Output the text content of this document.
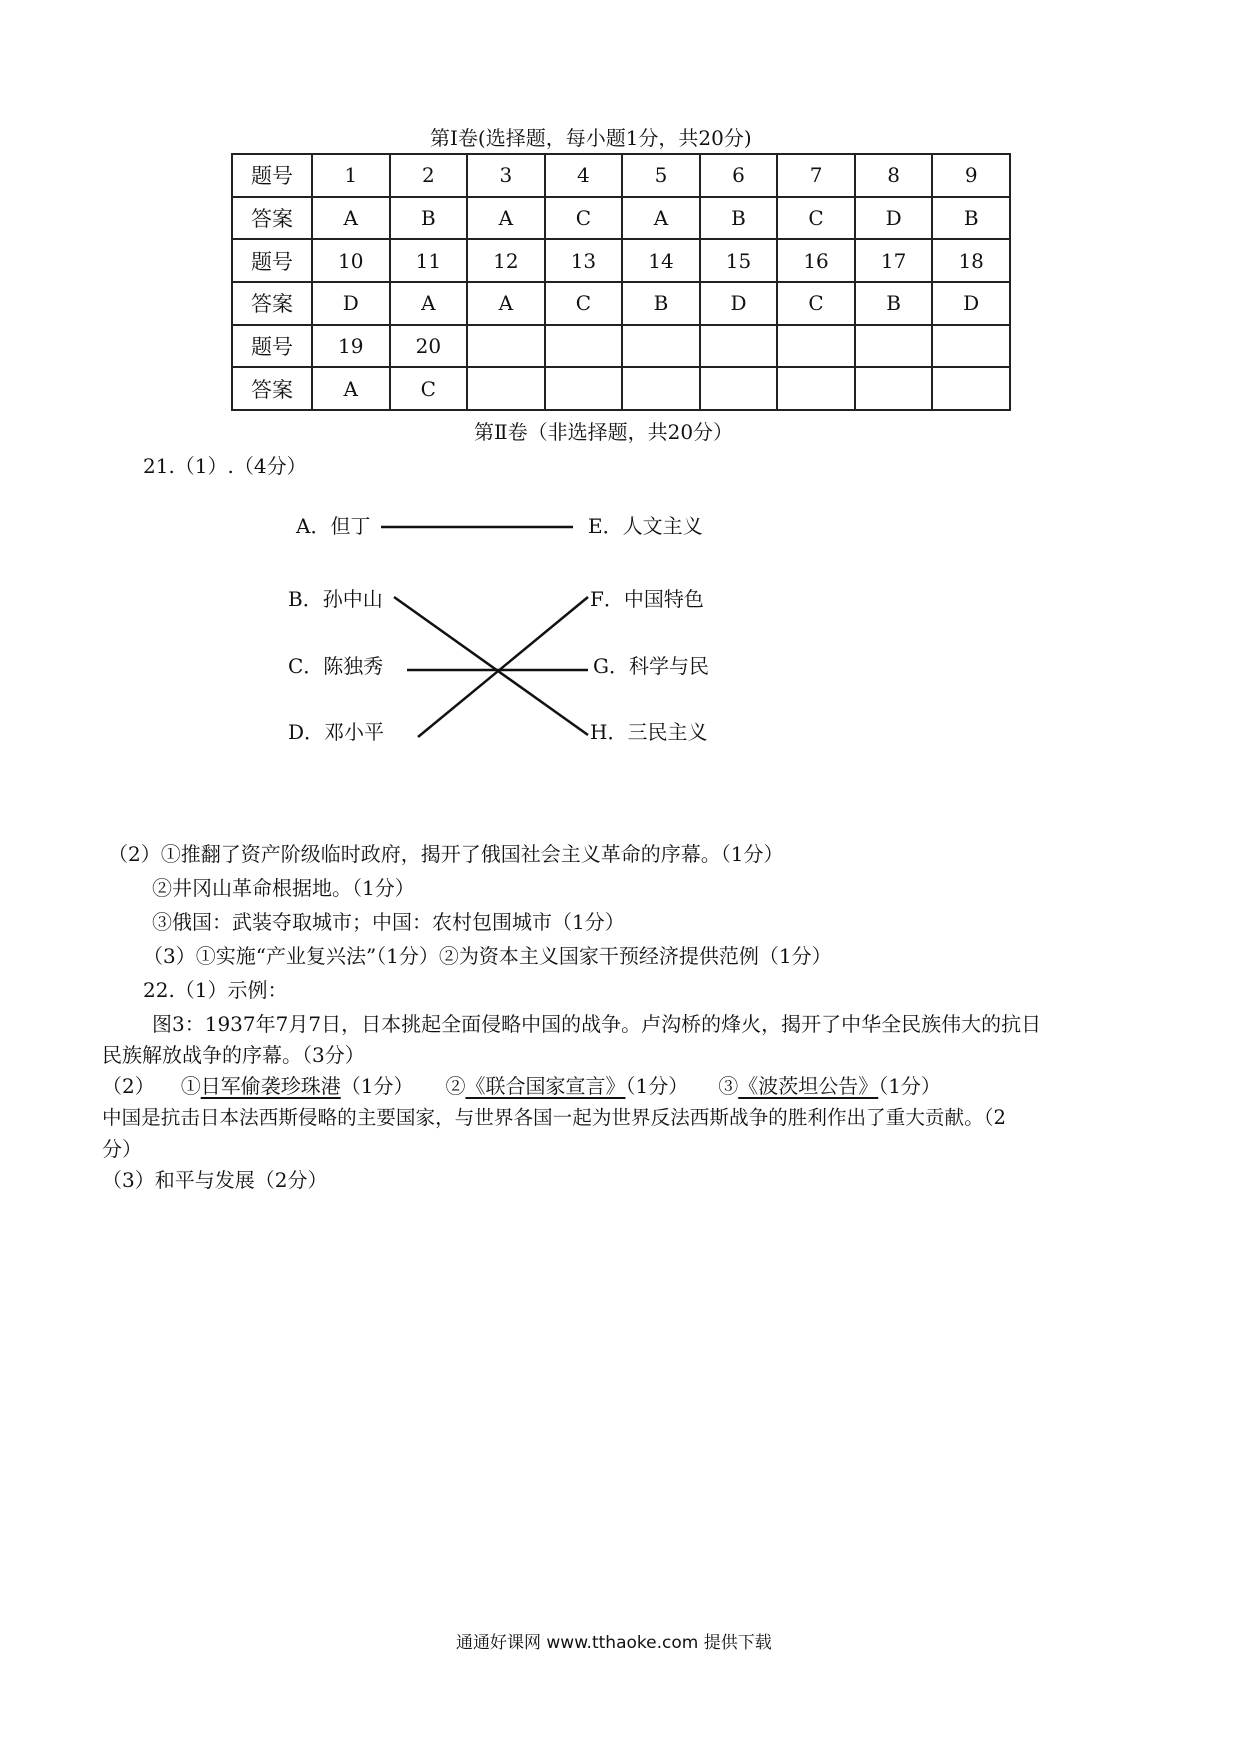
第Ⅰ卷(选择题，每小题1分，共20分)
题号	1	2	3	4	5	6	7	8	9
答案	A	B	A	C	A	B	C	D	B
题号	10	11	12	13	14	15	16	17	18
答案	D	A	A	C	B	D	C	B	D
题号	19	20							
答案	A	C							
第Ⅱ卷（非选择题，共20分）
21.（1）.（4分）
A．但丁
B．孙中山
C．陈独秀
D．邓小平
E．人文主义
F．中国特色
G．科学与民
H．三民主义
（2）①推翻了资产阶级临时政府，揭开了俄国社会主义革命的序幕。（1分）
②井冈山革命根据地。（1分）
③俄国：武装夺取城市；中国：农村包围城市（1分）
（3）①实施“产业复兴法”（1分）②为资本主义国家干预经济提供范例（1分）
22.（1）示例：
图3：1937年7月7日，日本挑起全面侵略中国的战争。卢沟桥的烽火，揭开了中华全民族伟大的抗日
民族解放战争的序幕。（3分）
（2） ①日军偷袭珍珠港（1分） ②《联合国家宣言》（1分） ③《波茨坦公告》（1分）
中国是抗击日本法西斯侵略的主要国家，与世界各国一起为世界反法西斯战争的胜利作出了重大贡献。（2
分）
（3）和平与发展（2分）
通通好课网 www.tthaoke.com 提供下载
